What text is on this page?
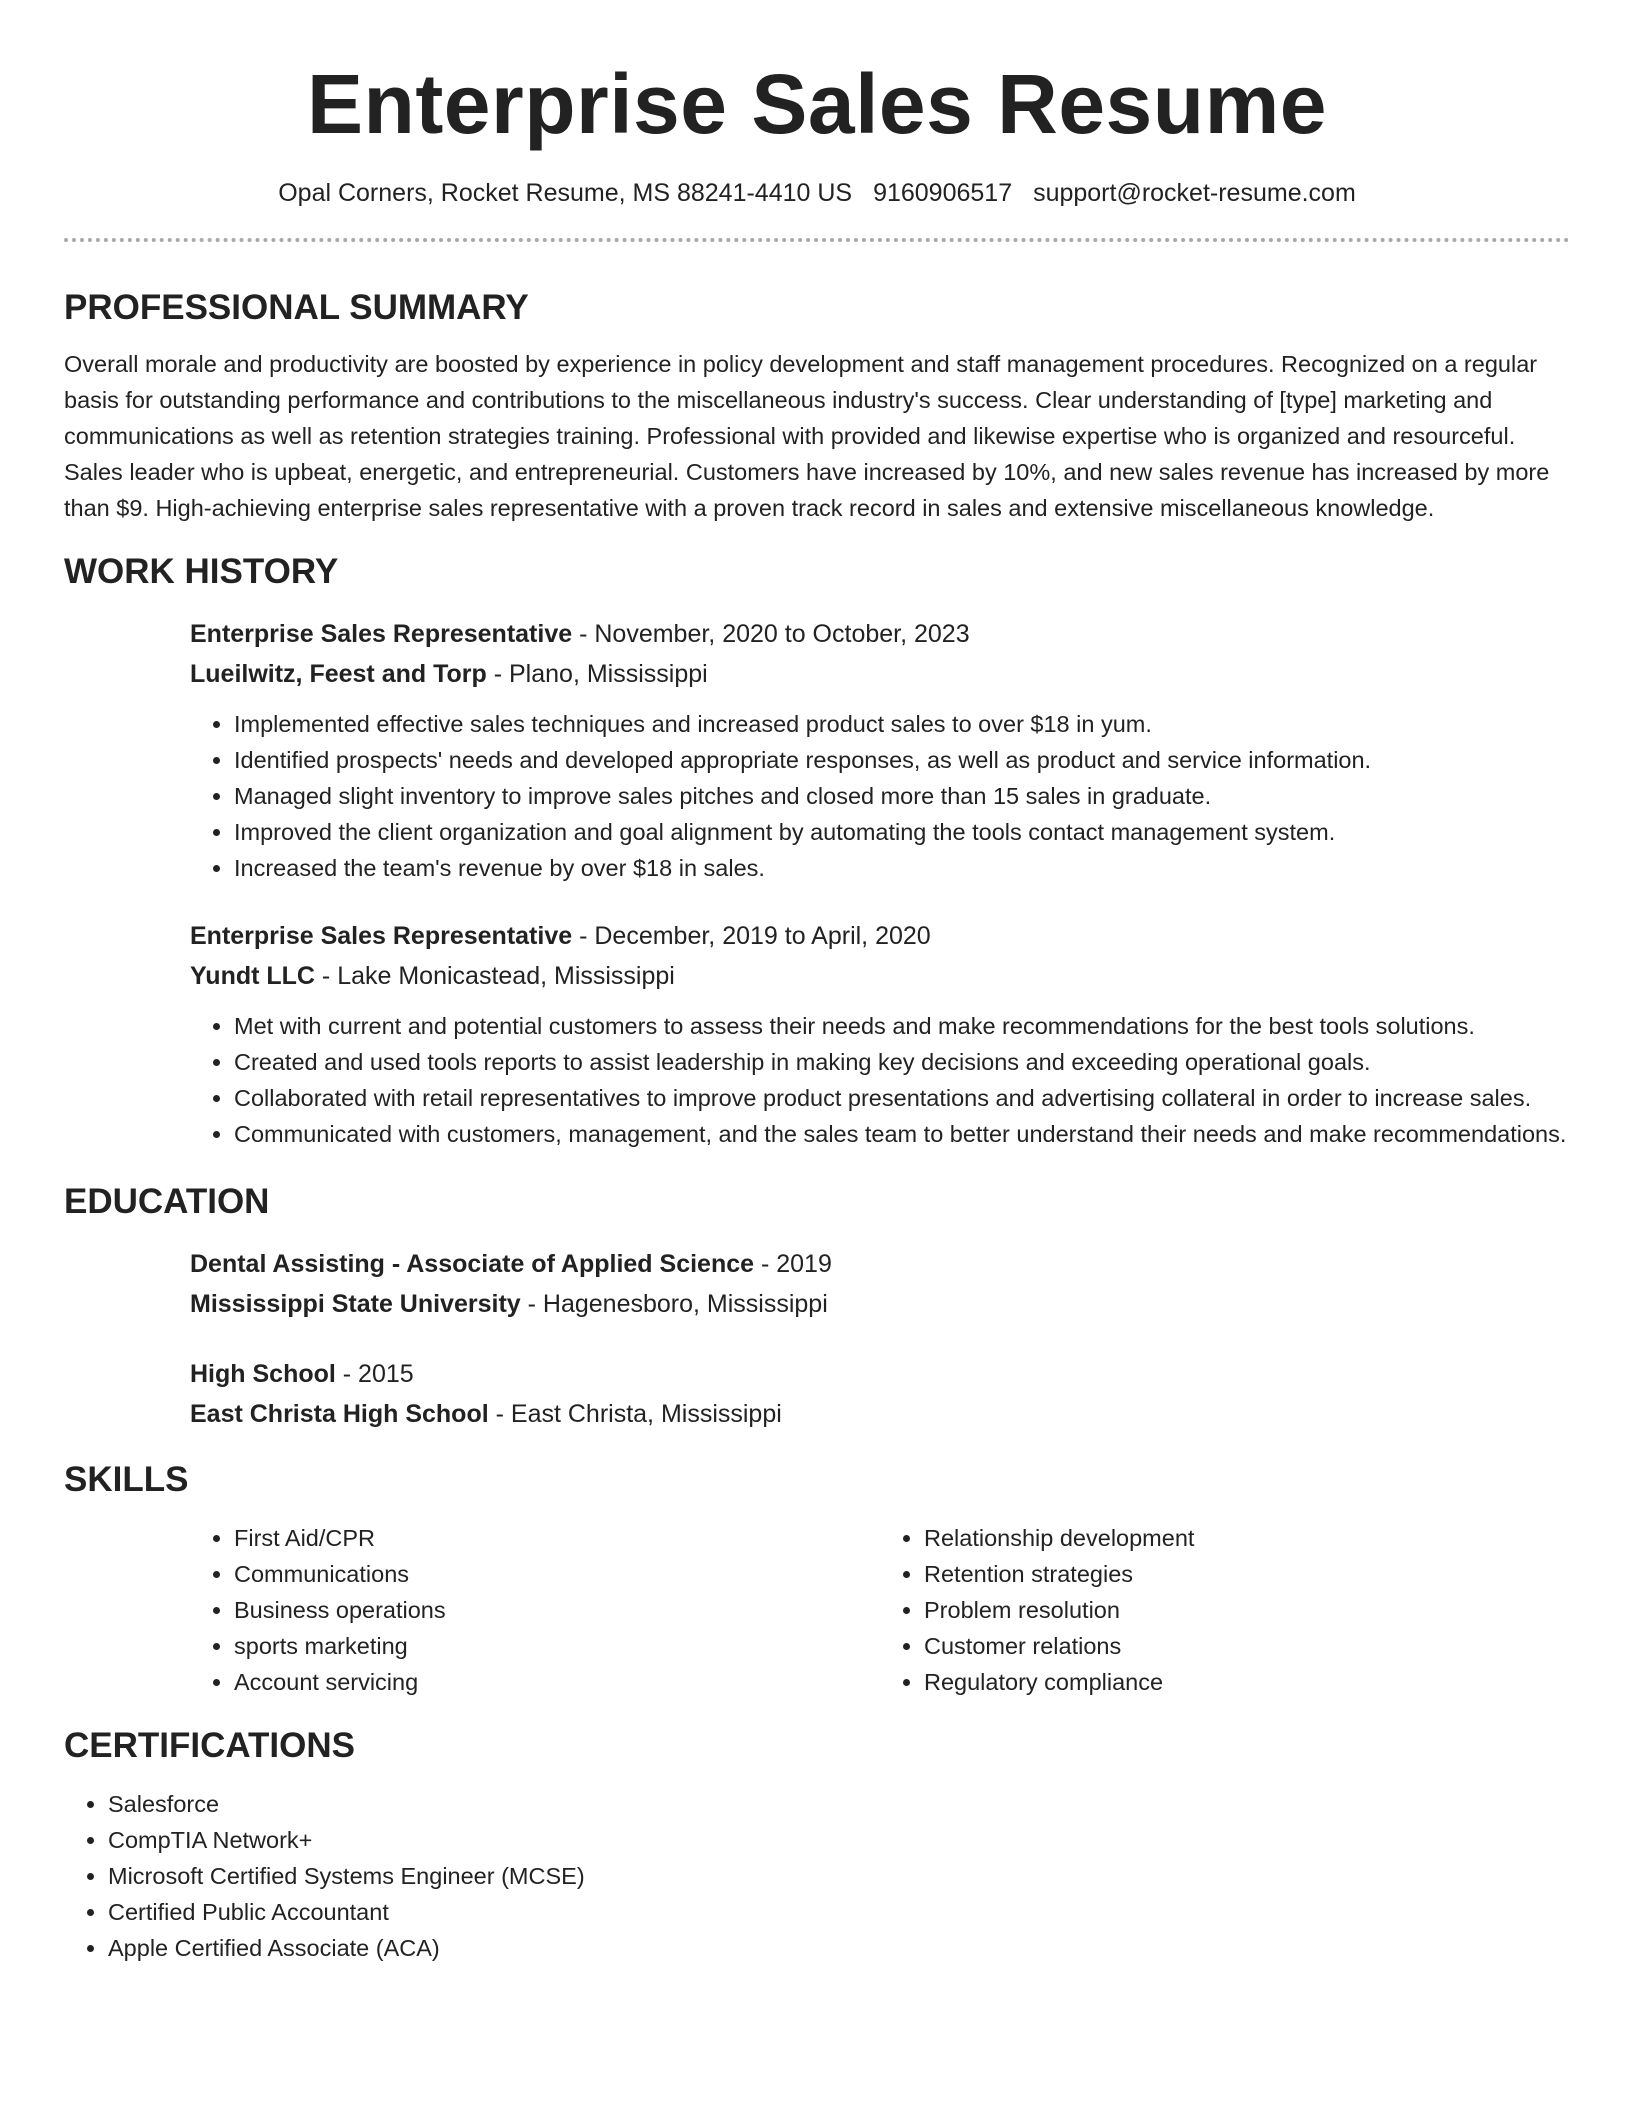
Enterprise Sales Resume
Opal Corners, Rocket Resume, MS 88241-4410 US 9160906517 support@rocket-resume.com
PROFESSIONAL SUMMARY

Overall morale and productivity are boosted by experience in policy development and staff management procedures. Recognized on a regular basis for outstanding performance and contributions to the miscellaneous industry's success. Clear understanding of [type] marketing and communications as well as retention strategies training. Professional with provided and likewise expertise who is organized and resourceful. Sales leader who is upbeat, energetic, and entrepreneurial. Customers have increased by 10%, and new sales revenue has increased by more than $9. High-achieving enterprise sales representative with a proven track record in sales and extensive miscellaneous knowledge.

WORK HISTORY
Enterprise Sales Representative - November, 2020 to October, 2023
Lueilwitz, Feest and Torp - Plano, Mississippi
• Implemented effective sales techniques and increased product sales to over $18 in yum.
• Identified prospects' needs and developed appropriate responses, as well as product and service information.
• Managed slight inventory to improve sales pitches and closed more than 15 sales in graduate.
• Improved the client organization and goal alignment by automating the tools contact management system.
• Increased the team's revenue by over $18 in sales.
Enterprise Sales Representative - December, 2019 to April, 2020
Yundt LLC - Lake Monicastead, Mississippi
• Met with current and potential customers to assess their needs and make recommendations for the best tools solutions.
• Created and used tools reports to assist leadership in making key decisions and exceeding operational goals.
• Collaborated with retail representatives to improve product presentations and advertising collateral in order to increase sales.
• Communicated with customers, management, and the sales team to better understand their needs and make recommendations.
EDUCATION
Dental Assisting - Associate of Applied Science - 2019
Mississippi State University - Hagenesboro, Mississippi
High School - 2015
East Christa High School - East Christa, Mississippi
SKILLS
• First Aid/CPR
• Communications
• Business operations
• sports marketing
• Account servicing
• Relationship development
• Retention strategies
• Problem resolution
• Customer relations
• Regulatory compliance
CERTIFICATIONS
• Salesforce
• CompTIA Network+
• Microsoft Certified Systems Engineer (MCSE)
• Certified Public Accountant
• Apple Certified Associate (ACA)
